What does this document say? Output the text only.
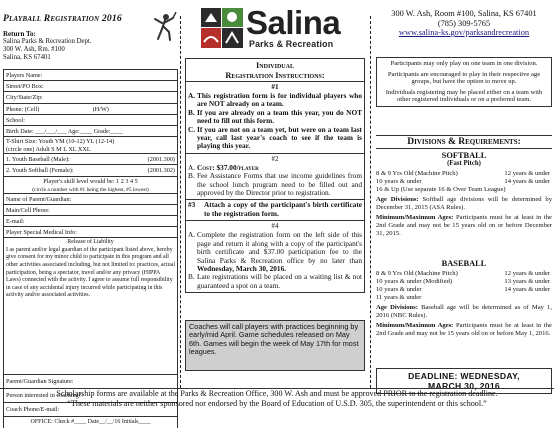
Playball Registration 2016
Return To:
Salina Parks & Recreation Dept.
300 W. Ash, Rm. #100
Salina, KS 67401
Players Name:
Street/PO Box:
City/State/Zip:
Phone: (Cell)	(H/W)
School:
Birth Date: ___/___/___ Age:____ Grade:____
T-Shirt Size: Youth YM (10-12) YL (12-14)
(circle one) Adult S M L XL XXL
1. Youth Baseball (Male):	(2001.300)
2. Youth Softball (Female):	(2001.302)
Player's skill level would be: 1 2 3 4 5
(circle a number with #1 being the highest, #5 lowest)
Name of Parent/Guardian:
Main/Cell Phone:
E-mail:
Player Special Medical Info:
Release of Liability
I as parent and/or legal guardian of the participant listed above, hereby give consent for my minor child to participate in this program and all other activities associated including, but not limited to: practices, actual participation, being a spectator, travel and/or any privacy (HIPPA Laws) connected with the activity. I agree to assume full responsibility in case of any accidental injury incurred while participating in this activity and/or associated activities.
Parent/Guardian Signature:
Person interested in coaching?:
Coach Phone/E-mail:
OFFICE: Check #____ Date__/__/16 Initials____
Salina
Parks & Recreation
Individual
Registration Instructions:
#1
A. This registration form is for individual players who are NOT already on a team.
B. If you are already on a team this year, you do NOT need to fill out this form.
C. If you are not on a team yet, but were on a team last year, call last year's coach to see if the team is playing this year.
#2
A. Cost: $37.00/player
B. Fee Assistance Forms that use income guidelines from the school lunch program need to be filled out and approved by the Director prior to registration.
#3	Attach a copy of the participant's birth certificate to the registration form.
#4
A. Complete the registration form on the left side of this page and return it along with a copy of the participant's birth certificate and $37.00 participation fee to the Salina Parks & Recreation office by no later than Wednesday, March 30, 2016.
B. Late registrations will be placed on a waiting list & not guaranteed a spot on a team.
Coaches will call players with practices beginning by early/mid April. Game schedules released on May 6th. Games will begin the week of May 17th for most leagues.
300 W. Ash, Room #100, Salina, KS 67401
(785) 309-5765
www.salina-ks.gov/parksandrecreation

Participants may only play on one team in one division.

Participants are encouraged to play in their respective age groups, but have the option to move up.

Individuals registering may be placed either on a team with other registered individuals or on a preferred team.

Divisions & Requirements:
SOFTBALL
(Fast Pitch)
8 & 9 Yrs Old (Machine Pitch)	12 years & under
10 years & under	14 years & under
16 & Up (Use separate 16 & Over Team League)

Age Divisions: Softball age divisions will be determined by December 31, 2015 (ASA Rules).

Minimum/Maximum Ages: Participants must be at least in the 2nd Grade and may not be 15 years old on or before December 31, 2015.

BASEBALL
8 & 9 Yrs Old (Machine Pitch)	12 years & under
10 years & under (Modified)	13 years & under
10 years & under	14 years & under
11 years & under

Age Divisions: Baseball age will be determined as of May 1, 2016 (NBC Rules).

Minimum/Maximum Ages: Participants must be at least in the 2nd Grade and may not be 15 years old on or before May 1, 2016.

DEADLINE: WEDNESDAY,
MARCH 30, 2016
Scholarship forms are available at the Parks & Recreation Office, 300 W. Ash and must be approved PRIOR to the registration deadline.
“These materials are neither sponsored nor endorsed by the Board of Education of U.S.D. 305, the superintendent or this school.”
